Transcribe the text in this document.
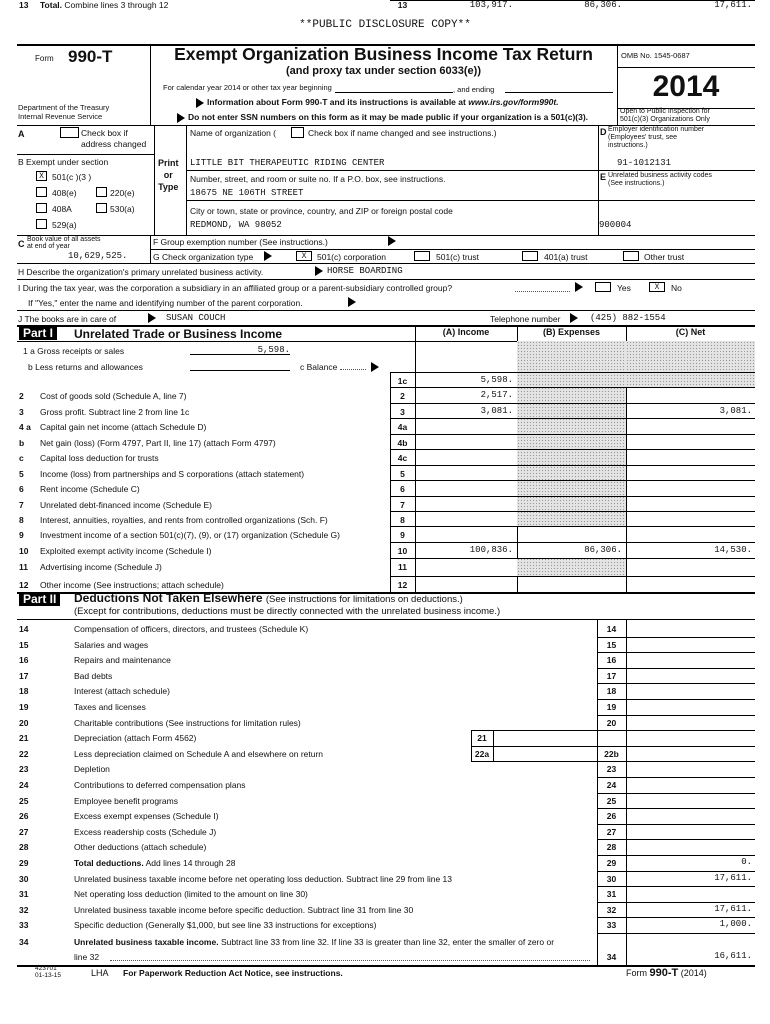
**PUBLIC DISCLOSURE COPY**
Form 990-T
Department of the Treasury
Internal Revenue Service
Exempt Organization Business Income Tax Return
(and proxy tax under section 6033(e))
For calendar year 2014 or other tax year beginning	, and ending
Information about Form 990-T and its instructions is available at www.irs.gov/form990t.
Do not enter SSN numbers on this form as it may be made public if your organization is a 501(c)(3).
OMB No. 1545-0687
2014
Open to Public Inspection for
501(c)(3) Organizations Only
A	Check box if
address changed
B Exempt under section
X 501(c )(3 )
408(e)	220(e)
408A	530(a)
529(a)
Print
or
Type
Name of organization (	Check box if name changed and see instructions.)
LITTLE BIT THERAPEUTIC RIDING CENTER
Number, street, and room or suite no. If a P.O. box, see instructions.
18675 NE 106TH STREET
City or town, state or province, country, and ZIP or foreign postal code
REDMOND, WA 98052
D Employer identification number
(Employees' trust, see
instructions.)
91-1012131
E Unrelated business activity codes
(See instructions.)
900004
C Book value of all assets
at end of year
10,629,525.
F Group exemption number (See instructions.)
G Check organization type	X	501(c) corporation	501(c) trust	401(a) trust	Other trust
H Describe the organization's primary unrelated business activity.	HORSE BOARDING
I During the tax year, was the corporation a subsidiary in an affiliated group or a parent-subsidiary controlled group?	Yes	X	No
If "Yes," enter the name and identifying number of the parent corporation.
J The books are in care of	SUSAN COUCH	Telephone number	(425) 882-1554
Part I	Unrelated Trade or Business Income	(A) Income	(B) Expenses	(C) Net
1 a Gross receipts or sales	5,598.
b Less returns and allowances	c Balance
1c	5,598.
2 Cost of goods sold (Schedule A, line 7)	2	2,517.
3 Gross profit. Subtract line 2 from line 1c	3	3,081.	3,081.
4 a Capital gain net income (attach Schedule D)	4a
b Net gain (loss) (Form 4797, Part II, line 17) (attach Form 4797)	4b
c Capital loss deduction for trusts	4c
5 Income (loss) from partnerships and S corporations (attach statement)	5
6 Rent income (Schedule C)	6
7 Unrelated debt-financed income (Schedule E)	7
8 Interest, annuities, royalties, and rents from controlled organizations (Sch. F)	8
9 Investment income of a section 501(c)(7), (9), or (17) organization (Schedule G)	9
10 Exploited exempt activity income (Schedule I)	10	100,836.	86,306.	14,530.
11 Advertising income (Schedule J)	11
12 Other income (See instructions; attach schedule)	12
13 Total. Combine lines 3 through 12	13	103,917.	86,306.	17,611.
Part II	Deductions Not Taken Elsewhere (See instructions for limitations on deductions.)
(Except for contributions, deductions must be directly connected with the unrelated business income.)
14	Compensation of officers, directors, and trustees (Schedule K)	14
15	Salaries and wages	15
16	Repairs and maintenance	16
17	Bad debts	17
18	Interest (attach schedule)	18
19	Taxes and licenses	19
20	Charitable contributions (See instructions for limitation rules)	20
21	Depreciation (attach Form 4562)	21
22	Less depreciation claimed on Schedule A and elsewhere on return	22a	22b
23	Depletion	23
24	Contributions to deferred compensation plans	24
25	Employee benefit programs	25
26	Excess exempt expenses (Schedule I)	26
27	Excess readership costs (Schedule J)	27
28	Other deductions (attach schedule)	28
29	Total deductions. Add lines 14 through 28	29	0.
30	Unrelated business taxable income before net operating loss deduction. Subtract line 29 from line 13	30	17,611.
31	Net operating loss deduction (limited to the amount on line 30)	31
32	Unrelated business taxable income before specific deduction. Subtract line 31 from line 30	32	17,611.
33	Specific deduction (Generally $1,000, but see line 33 instructions for exceptions)	33	1,000.
34	Unrelated business taxable income. Subtract line 33 from line 32. If line 33 is greater than line 32, enter the smaller of zero or
line 32	34	16,611.
423701
01-13-15	LHA For Paperwork Reduction Act Notice, see instructions.	Form 990-T (2014)
